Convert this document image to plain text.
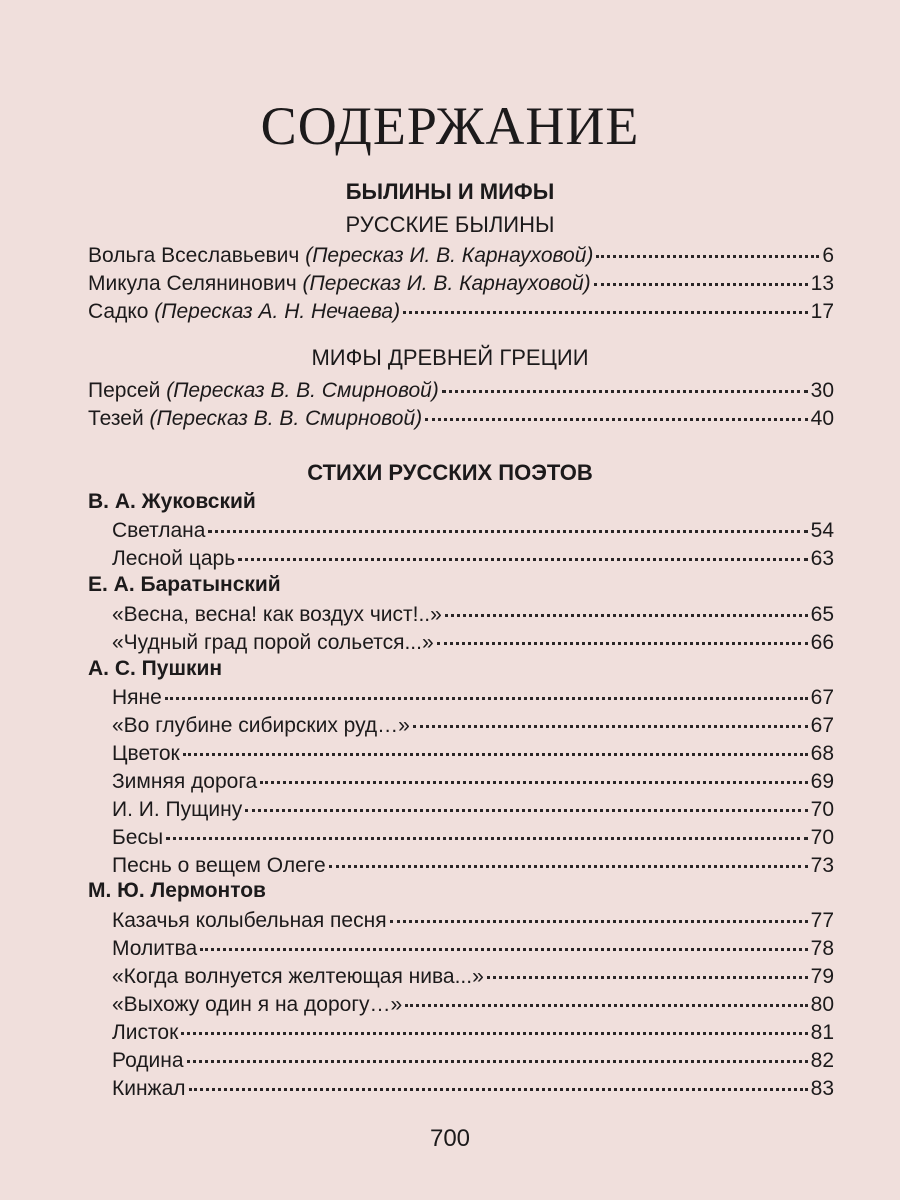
СОДЕРЖАНИЕ
БЫЛИНЫ И МИФЫ
РУССКИЕ БЫЛИНЫ
Вольга Всеславьевич (Пересказ И. В. Карнауховой)	6
Микула Селянинович (Пересказ И. В. Карнауховой)	13
Садко (Пересказ А. Н. Нечаева)	17
МИФЫ ДРЕВНЕЙ ГРЕЦИИ
Персей (Пересказ В. В. Смирновой)	30
Тезей (Пересказ В. В. Смирновой)	40
СТИХИ РУССКИХ ПОЭТОВ
В. А. Жуковский
Светлана	54
Лесной царь	63
Е. А. Баратынский
«Весна, весна! как воздух чист!..»	65
«Чудный град порой сольется...»	66
А. С. Пушкин
Няне	67
«Во глубине сибирских руд…»	67
Цветок	68
Зимняя дорога	69
И. И. Пущину	70
Бесы	70
Песнь о вещем Олеге	73
М. Ю. Лермонтов
Казачья колыбельная песня	77
Молитва	78
«Когда волнуется желтеющая нива...»	79
«Выхожу один я на дорогу…»	80
Листок	81
Родина	82
Кинжал	83
700
